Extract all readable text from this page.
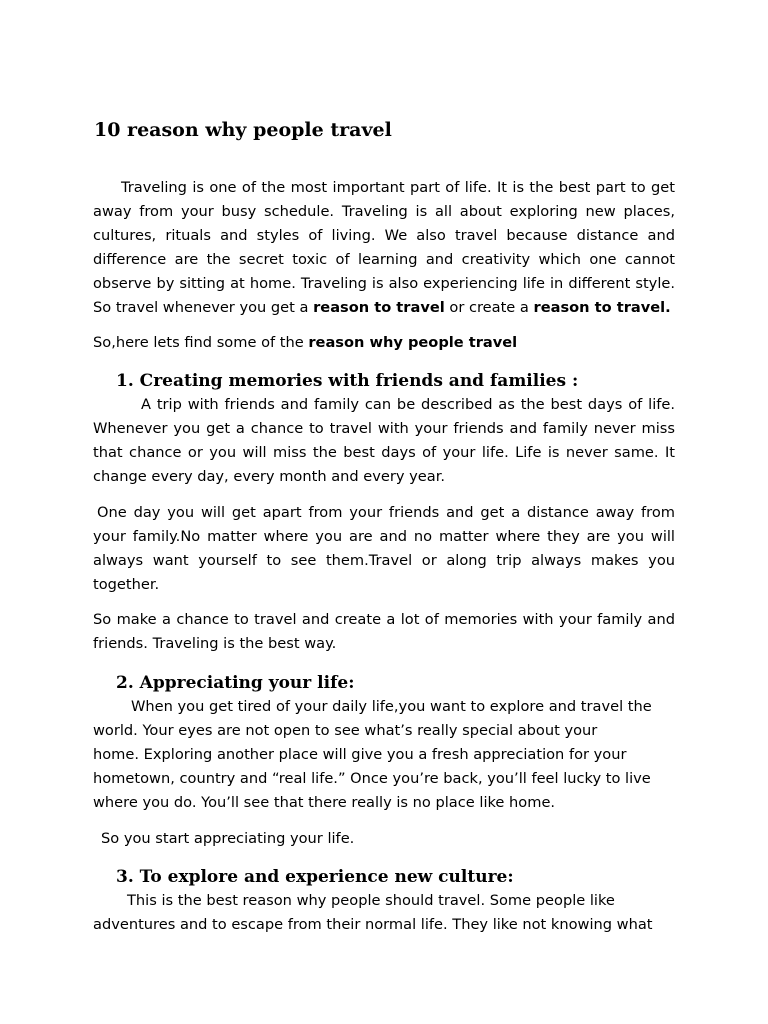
10 reason why people travel
Traveling is one of the most important part of life. It is the best part to get
away from your busy schedule. Traveling is all about exploring new places,
cultures, rituals and styles of living. We also travel because distance and
difference are the secret toxic of learning and creativity which one cannot
observe by sitting at home. Traveling is also experiencing life in different style.
So travel whenever you get a reason to travel or create a reason to travel.
So,here lets find some of the reason why people travel
1. Creating memories with friends and families :
A trip with friends and family can be described as the best days of life.
Whenever you get a chance to travel with your friends and family never miss
that chance or you will miss the best days of your life. Life is never same. It
change every day, every month and every year.
One day you will get apart from your friends and get a distance away from
your family.No matter where you are and no matter where they are you will
always want yourself to see them.Travel or along trip always makes you
together.
So make a chance to travel and create a lot of memories with your family and
friends. Traveling is the best way.
2. Appreciating your life:
When you get tired of your daily life,you want to explore and travel the
world. Your eyes are not open to see what’s really special about your
home. Exploring another place will give you a fresh appreciation for your
hometown, country and “real life.” Once you’re back, you’ll feel lucky to live
where you do. You’ll see that there really is no place like home.
So you start appreciating your life.
3. To explore and experience new culture:
This is the best reason why people should travel. Some people like
adventures and to escape from their normal life. They like not knowing what
